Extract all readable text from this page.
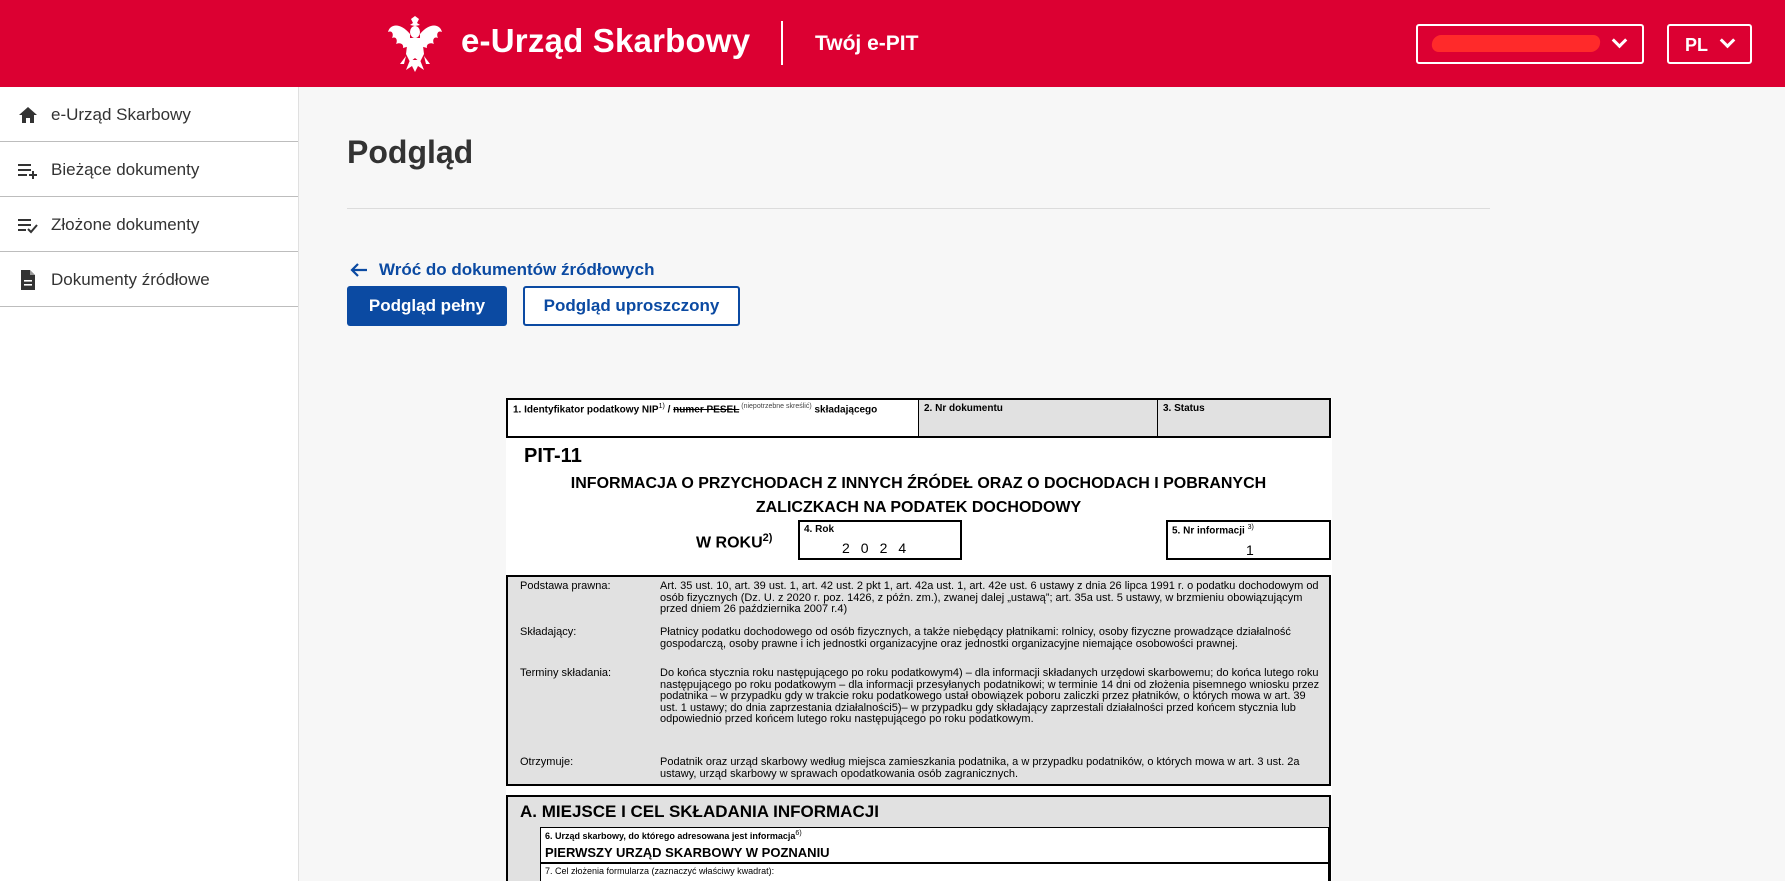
e-Urząd Skarbowy	Twój e-PIT	PL
e-Urząd Skarbowy
Bieżące dokumenty
Złożone dokumenty
Dokumenty źródłowe
Podgląd
Wróć do dokumentów źródłowych
Podgląd pełny	Podgląd uproszczony
1. Identyfikator podatkowy NIP$^{1)}$ / numer PESEL $^{(niepotrzebne skreślić)}$ składającego	2. Nr dokumentu	3. Status
PIT-11
INFORMACJA O PRZYCHODACH Z INNYCH ŹRÓDEŁ ORAZ O DOCHODACH I POBRANYCH
ZALICZKACH NA PODATEK DOCHODOWY
W ROKU$^{2)}$
4. Rok
2024
5. Nr informacji $^{3)}$
1
Podstawa prawna:	Art. 35 ust. 10, art. 39 ust. 1, art. 42 ust. 2 pkt 1, art. 42a ust. 1, art. 42e ust. 6 ustawy z dnia 26 lipca 1991 r. o podatku dochodowym od osób fizycznych (Dz. U. z 2020 r. poz. 1426, z późn. zm.), zwanej dalej „ustawą”; art. 35a ust. 5 ustawy, w brzmieniu obowiązującym przed dniem 26 października 2007 r.4)
Składający:	Płatnicy podatku dochodowego od osób fizycznych, a także niebędący płatnikami: rolnicy, osoby fizyczne prowadzące działalność gospodarczą, osoby prawne i ich jednostki organizacyjne oraz jednostki organizacyjne niemające osobowości prawnej.
Terminy składania:	Do końca stycznia roku następującego po roku podatkowym4) – dla informacji składanych urzędowi skarbowemu; do końca lutego roku następującego po roku podatkowym – dla informacji przesyłanych podatnikowi; w terminie 14 dni od złożenia pisemnego wniosku przez podatnika – w przypadku gdy w trakcie roku podatkowego ustał obowiązek poboru zaliczki przez płatników, o których mowa w art. 39 ust. 1 ustawy; do dnia zaprzestania działalności5)– w przypadku gdy składający zaprzestali działalności przed końcem stycznia lub odpowiednio przed końcem lutego roku następującego po roku podatkowym.
Otrzymuje:	Podatnik oraz urząd skarbowy według miejsca zamieszkania podatnika, a w przypadku podatników, o których mowa w art. 3 ust. 2a ustawy, urząd skarbowy w sprawach opodatkowania osób zagranicznych.
A. MIEJSCE I CEL SKŁADANIA INFORMACJI
6. Urząd skarbowy, do którego adresowana jest informacja$^{6)}$
PIERWSZY URZĄD SKARBOWY W POZNANIU
7. Cel złożenia formularza (zaznaczyć właściwy kwadrat):
